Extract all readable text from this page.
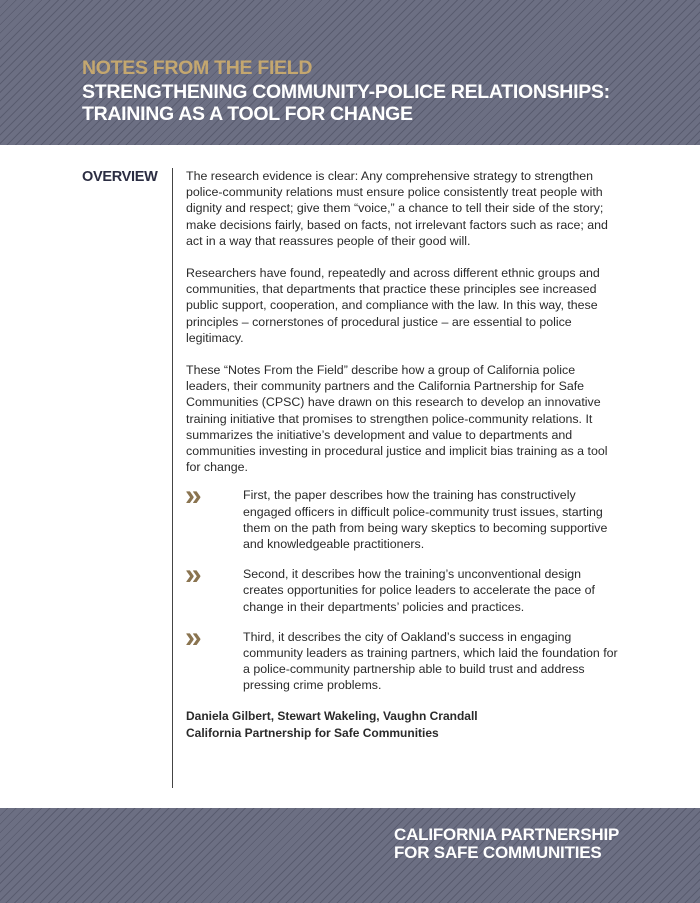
NOTES FROM THE FIELD
STRENGTHENING COMMUNITY-POLICE RELATIONSHIPS:
TRAINING AS A TOOL FOR CHANGE
OVERVIEW The research evidence is clear: Any comprehensive strategy to strengthen police-community relations must ensure police consistently treat people with dignity and respect; give them “voice,” a chance to tell their side of the story; make decisions fairly, based on facts, not irrelevant factors such as race; and act in a way that reassures people of their good will.

Researchers have found, repeatedly and across different ethnic groups and communities, that departments that practice these principles see increased public support, cooperation, and compliance with the law. In this way, these principles – cornerstones of procedural justice – are essential to police legitimacy.

These “Notes From the Field” describe how a group of California police leaders, their community partners and the California Partnership for Safe Communities (CPSC) have drawn on this research to develop an innovative training initiative that promises to strengthen police-community relations. It summarizes the initiative’s development and value to departments and communities investing in procedural justice and implicit bias training as a tool for change.

»	First, the paper describes how the training has constructively engaged officers in difficult police-community trust issues, starting them on the path from being wary skeptics to becoming supportive and knowledgeable practitioners.
»	Second, it describes how the training’s unconventional design creates opportunities for police leaders to accelerate the pace of change in their departments’ policies and practices.
»	Third, it describes the city of Oakland’s success in engaging community leaders as training partners, which laid the foundation for a police-community partnership able to build trust and address pressing crime problems.
Daniela Gilbert, Stewart Wakeling, Vaughn Crandall
California Partnership for Safe Communities
CALIFORNIA PARTNERSHIP
FOR SAFE COMMUNITIES
